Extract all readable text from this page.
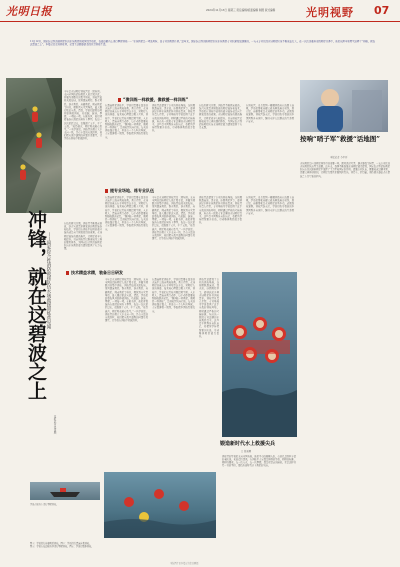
光明日报	2024年11月13日 星期三 责任编辑/版面编辑 制图 版式编辑	光明视野 07
11月12日，国家综合性消防救援队伍水域救援训练营的学员们，在海边礁石上进行攀爬训练……“水域救援是一项高风险、高专业的救援任务。”近年来，国家综合性消防救援队伍水域救援专业队建设加速推进，一支支专业化的水域救援队伍不断成长壮大，在一次次急难险重的救援任务中，他们以担当和勇气诠释了“冲锋，就在这碧波之上”。本报记者走进训练营，记录下这群逐浪者的日常训练生活。
今年是水域救援训练营第三期培训。来自全国的消防救援人员汇聚于此，开展为期数月的集中训练。训练营依托天然海域，设置激流救援、静水救援、潜水救援、舟艇救援、绳索救援等科目，模拟真实灾害场景，最大限度贴近实战。清晨，学员们迎着海风开始体能训练，负重跑、游泳、攀爬，一项接一项。在礁石区，他们背着装备在湿滑的岩石上攀登，海浪一次次拍打过来，衣服湿了又干，干了又湿。“练得越苦，救援时就越有底气。”一名学员说。训练营的教官大多来自一线，具有丰富的实战经验，他们把实战中遇到的问题带进课堂，让学员在训练中积累经验。
“像训练一样救援，像救援一样训练”
在激流救援训练中，学员们需要在湍急的水流中完成自救和他救。教官介绍，水域救援的难点在于环境复杂多变，对救援人员的体能、技术和心理都是极大考验。训练中，学员们反复练习抛投救生绳、入水救人、漂流自救等动作，每个动作都要练到形成肌肉记忆。“像训练一样救援，像救援一样训练”，是训练营的座右铭。每天的训练强度很大，但没有一个人叫苦叫累，大家都铆着一股劲，争取把本领练得更扎实。
训练营还建设了专业的训练场地，包括模拟激流池、深水池、冰面救援区等，能够满足多种水域救援科目训练需求。训练营负责人介绍，专业场地为学员提供了近乎实战的训练环境，同时通过严格的考核标准，培养出一批批专业过硬的水域救援骨干。这些骨干回到各自队伍后，将把所学传授给更多队员，带动整体救援能力提升。
在技术研究方面，训练营不断探索创新，结合实战需求研发新的救援装备和技术，学员们在训练中使用的部分装备就是自主研发改进的成果。水域救援装备的更新换代，让救援效率大幅提升。目前训练营已形成较为完善的课程体系，为国家综合性消防救援队伍水域救援能力建设提供了有力支撑。
在训练营，记者看到一艘艘冲锋舟在海面上疾驰，学员们驾驶舟艇完成各种高难度动作。教官说，舟艇驾驶是水域救援的基本功，必须熟练掌握。训练营结束后，学员们将带着新的本领回到各自岗位，继续守护人民群众的生命财产安全。
按响“哨子军”救援“话地图”
本报记者 李中开
水域救援是应急救援体系中的重要一环。面对洪涝灾害、溺水事故等险情，一支专业化的水域救援队伍至关重要。近年来，我国不断加强水域救援能力建设，国家综合性消防救援队伍在历次抢险救援中发挥了主力军和国家队作用。建强专业队伍，既要练就过硬本领，也要完善体制机制，让救援力量真正做到拉得出、冲得上、打得赢。期待更多逐浪者在碧波之上书写新的担当。
提专业场地、练专业队伍
在激流救援训练中，学员们需要在湍急的水流中完成自救和他救。教官介绍，水域救援的难点在于环境复杂多变，对救援人员的体能、技术和心理都是极大考验。训练中，学员们反复练习抛投救生绳、入水救人、漂流自救等动作，每个动作都要练到形成肌肉记忆。“像训练一样救援，像救援一样训练”，是训练营的座右铭。每天的训练强度很大，但没有一个人叫苦叫累，大家都铆着一股劲，争取把本领练得更扎实。
今年是水域救援训练营第三期培训。来自全国的消防救援人员汇聚于此，开展为期数月的集中训练。训练营依托天然海域，设置激流救援、静水救援、潜水救援、舟艇救援、绳索救援等科目，模拟真实灾害场景，最大限度贴近实战。清晨，学员们迎着海风开始体能训练，负重跑、游泳、攀爬，一项接一项。在礁石区，他们背着装备在湿滑的岩石上攀登，海浪一次次拍打过来，衣服湿了又干，干了又湿。“练得越苦，救援时就越有底气。”一名学员说。训练营的教官大多来自一线，具有丰富的实战经验，他们把实战中遇到的问题带进课堂，让学员在训练中积累经验。
训练营还建设了专业的训练场地，包括模拟激流池、深水池、冰面救援区等，能够满足多种水域救援科目训练需求。训练营负责人介绍，专业场地为学员提供了近乎实战的训练环境，同时通过严格的考核标准，培养出一批批专业过硬的水域救援骨干。这些骨干回到各自队伍后，将把所学传授给更多队员，带动整体救援能力提升。
在训练营，记者看到一艘艘冲锋舟在海面上疾驰，学员们驾驶舟艇完成各种高难度动作。教官说，舟艇驾驶是水域救援的基本功，必须熟练掌握。训练营结束后，学员们将带着新的本领回到各自岗位，继续守护人民群众的生命财产安全。
冲锋，就在这碧波之上 ——国家综合性消防救援队伍水域救援训练营见闻
本报记者 张景顺
在技术研究方面，训练营不断探索创新，结合实战需求研发新的救援装备和技术，学员们在训练中使用的部分装备就是自主研发改进的成果。水域救援装备的更新换代，让救援效率大幅提升。目前训练营已形成较为完善的课程体系，为国家综合性消防救援队伍水域救援能力建设提供了有力支撑。
技术精益求精，装备日日研发
今年是水域救援训练营第三期培训。来自全国的消防救援人员汇聚于此，开展为期数月的集中训练。训练营依托天然海域，设置激流救援、静水救援、潜水救援、舟艇救援、绳索救援等科目，模拟真实灾害场景，最大限度贴近实战。清晨，学员们迎着海风开始体能训练，负重跑、游泳、攀爬，一项接一项。在礁石区，他们背着装备在湿滑的岩石上攀登，海浪一次次拍打过来，衣服湿了又干，干了又湿。“练得越苦，救援时就越有底气。”一名学员说。训练营的教官大多来自一线，具有丰富的实战经验，他们把实战中遇到的问题带进课堂，让学员在训练中积累经验。
在激流救援训练中，学员们需要在湍急的水流中完成自救和他救。教官介绍，水域救援的难点在于环境复杂多变，对救援人员的体能、技术和心理都是极大考验。训练中，学员们反复练习抛投救生绳、入水救人、漂流自救等动作，每个动作都要练到形成肌肉记忆。“像训练一样救援，像救援一样训练”，是训练营的座右铭。每天的训练强度很大，但没有一个人叫苦叫累，大家都铆着一股劲，争取把本领练得更扎实。
训练营还建设了专业的训练场地，包括模拟激流池、深水池、冰面救援区等，能够满足多种水域救援科目训练需求。训练营负责人介绍，专业场地为学员提供了近乎实战的训练环境，同时通过严格的考核标准，培养出一批批专业过硬的水域救援骨干。这些骨干回到各自队伍后，将把所学传授给更多队员，带动整体救援能力提升。
锻造新时代水上救援尖兵
□ 张景顺
训练营的学员们来自全国各地，他们中有的刚刚入队，有的已是经验丰富的老队员。无论资历深浅，在训练中大家都是同样的学员，同样的标准、同样的要求。每一次入水，每一次攀爬，都是对意志的磨炼。正是这样日复一日的坚持，锻造出新时代水上救援的尖兵。
学员在礁石上进行攀爬训练。
图①：学员进行舟艇救援训练。图②：学员进行漂流自救训练。
图③：学员在海边礁石区进行攀爬训练。图④：学员们集体训练。
本版图片由本报记者张景顺摄
